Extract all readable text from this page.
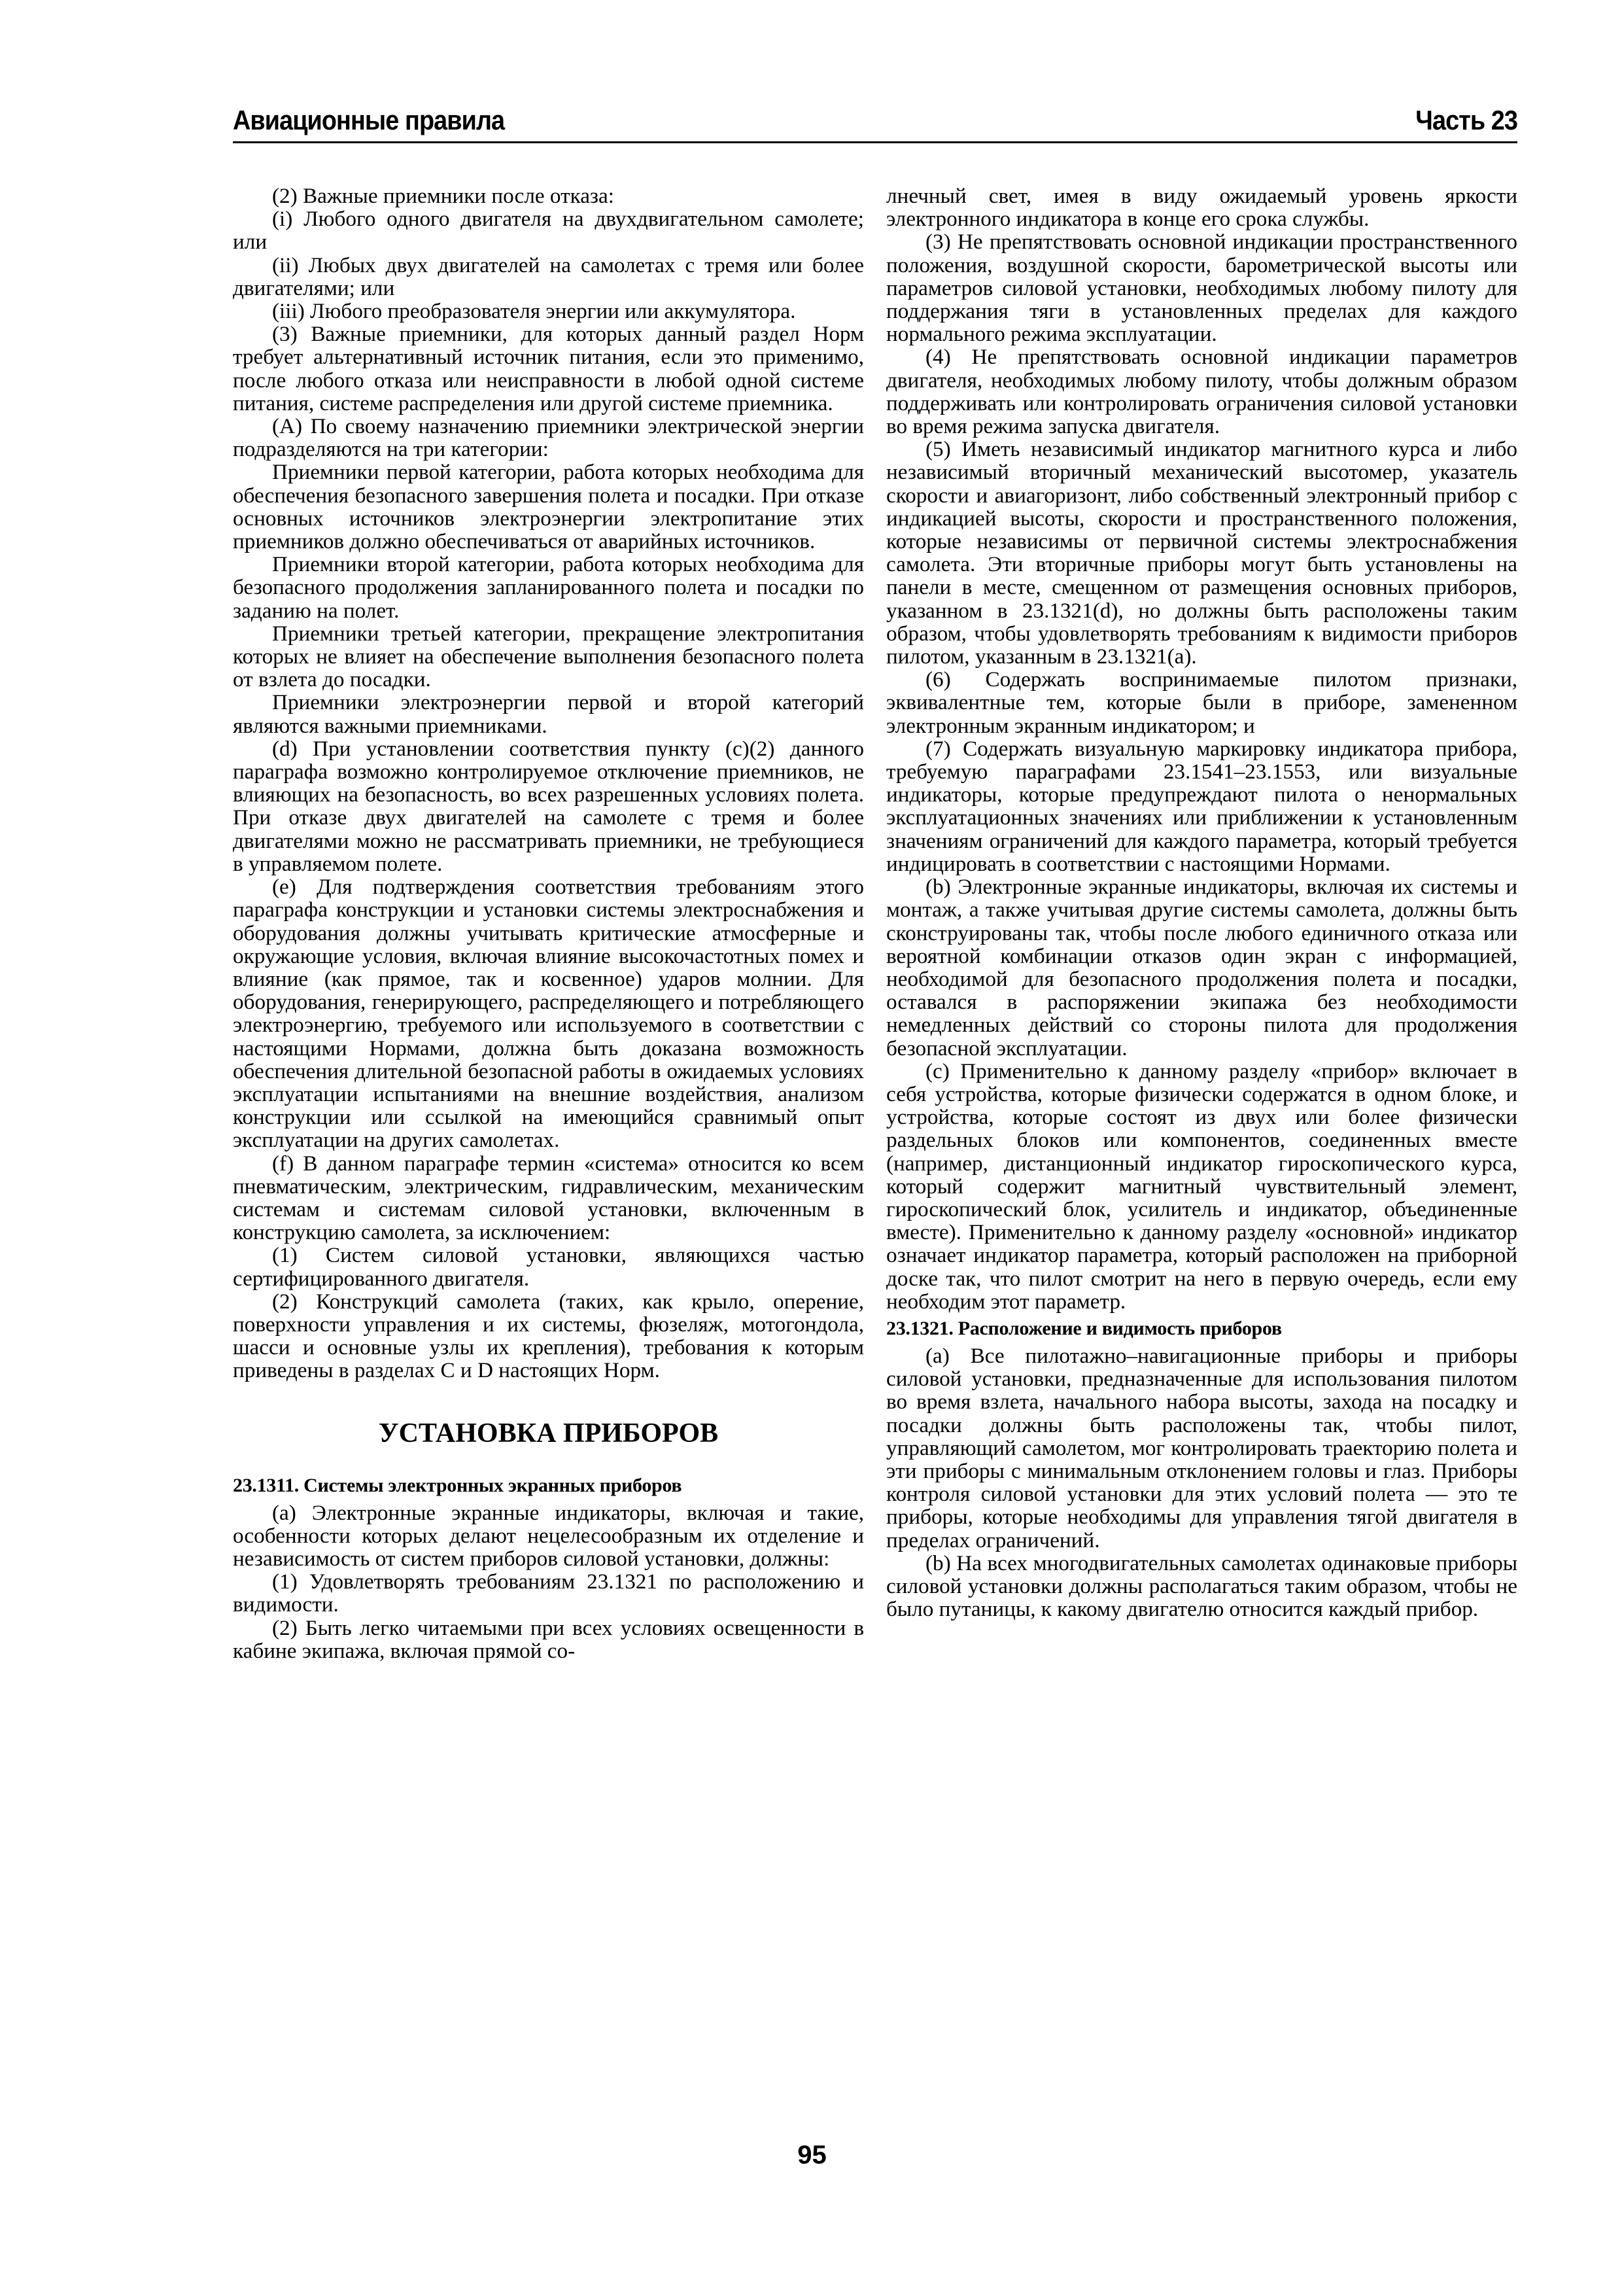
Авиационные правила	Часть 23

(2) Важные приемники после отказа:

(i) Любого одного двигателя на двухдвигательном самолете; или

(ii) Любых двух двигателей на самолетах с тремя или более двигателями; или

(iii) Любого преобразователя энергии или аккумулятора.

(3) Важные приемники, для которых данный раздел Норм требует альтернативный источник питания, если это применимо, после любого отказа или неисправности в любой одной системе питания, системе распределения или другой системе приемника.

(A) По своему назначению приемники электрической энергии подразделяются на три категории:

Приемники первой категории, работа которых необходима для обеспечения безопасного завершения полета и посадки. При отказе основных источников электроэнергии электропитание этих приемников должно обеспечиваться от аварийных источников.

Приемники второй категории, работа которых необходима для безопасного продолжения запланированного полета и посадки по заданию на полет.

Приемники третьей категории, прекращение электропитания которых не влияет на обеспечение выполнения безопасного полета от взлета до посадки.

Приемники электроэнергии первой и второй категорий являются важными приемниками.

(d) При установлении соответствия пункту (c)(2) данного параграфа возможно контролируемое отключение приемников, не влияющих на безопасность, во всех разрешенных условиях полета. При отказе двух двигателей на самолете с тремя и более двигателями можно не рассматривать приемники, не требующиеся в управляемом полете.

(e) Для подтверждения соответствия требованиям этого параграфа конструкции и установки системы электроснабжения и оборудования должны учитывать критические атмосферные и окружающие условия, включая влияние высокочастотных помех и влияние (как прямое, так и косвенное) ударов молнии. Для оборудования, генерирующего, распределяющего и потребляющего электроэнергию, требуемого или используемого в соответствии с настоящими Нормами, должна быть доказана возможность обеспечения длительной безопасной работы в ожидаемых условиях эксплуатации испытаниями на внешние воздействия, анализом конструкции или ссылкой на имеющийся сравнимый опыт эксплуатации на других самолетах.

(f) В данном параграфе термин «система» относится ко всем пневматическим, электрическим, гидравлическим, механическим системам и системам силовой установки, включенным в конструкцию самолета, за исключением:

(1) Систем силовой установки, являющихся частью сертифицированного двигателя.

(2) Конструкций самолета (таких, как крыло, оперение, поверхности управления и их системы, фюзеляж, мотогондола, шасси и основные узлы их крепления), требования к которым приведены в разделах C и D настоящих Норм.

УСТАНОВКА ПРИБОРОВ
23.1311. Системы электронных экранных приборов

(a) Электронные экранные индикаторы, включая и такие, особенности которых делают нецелесообразным их отделение и независимость от систем приборов силовой установки, должны:

(1) Удовлетворять требованиям 23.1321 по расположению и видимости.

(2) Быть легко читаемыми при всех условиях освещенности в кабине экипажа, включая прямой со-

лнечный свет, имея в виду ожидаемый уровень яркости электронного индикатора в конце его срока службы.

(3) Не препятствовать основной индикации пространственного положения, воздушной скорости, барометрической высоты или параметров силовой установки, необходимых любому пилоту для поддержания тяги в установленных пределах для каждого нормального режима эксплуатации.

(4) Не препятствовать основной индикации параметров двигателя, необходимых любому пилоту, чтобы должным образом поддерживать или контролировать ограничения силовой установки во время режима запуска двигателя.

(5) Иметь независимый индикатор магнитного курса и либо независимый вторичный механический высотомер, указатель скорости и авиагоризонт, либо собственный электронный прибор с индикацией высоты, скорости и пространственного положения, которые независимы от первичной системы электроснабжения самолета. Эти вторичные приборы могут быть установлены на панели в месте, смещенном от размещения основных приборов, указанном в 23.1321(d), но должны быть расположены таким образом, чтобы удовлетворять требованиям к видимости приборов пилотом, указанным в 23.1321(a).

(6) Содержать воспринимаемые пилотом признаки, эквивалентные тем, которые были в приборе, замененном электронным экранным индикатором; и

(7) Содержать визуальную маркировку индикатора прибора, требуемую параграфами 23.1541–23.1553, или визуальные индикаторы, которые предупреждают пилота о ненормальных эксплуатационных значениях или приближении к установленным значениям ограничений для каждого параметра, который требуется индицировать в соответствии с настоящими Нормами.

(b) Электронные экранные индикаторы, включая их системы и монтаж, а также учитывая другие системы самолета, должны быть сконструированы так, чтобы после любого единичного отказа или вероятной комбинации отказов один экран с информацией, необходимой для безопасного продолжения полета и посадки, оставался в распоряжении экипажа без необходимости немедленных действий со стороны пилота для продолжения безопасной эксплуатации.

(c) Применительно к данному разделу «прибор» включает в себя устройства, которые физически содержатся в одном блоке, и устройства, которые состоят из двух или более физически раздельных блоков или компонентов, соединенных вместе (например, дистанционный индикатор гироскопического курса, который содержит магнитный чувствительный элемент, гироскопический блок, усилитель и индикатор, объединенные вместе). Применительно к данному разделу «основной» индикатор означает индикатор параметра, который расположен на приборной доске так, что пилот смотрит на него в первую очередь, если ему необходим этот параметр.

23.1321. Расположение и видимость приборов

(a) Все пилотажно–навигационные приборы и приборы силовой установки, предназначенные для использования пилотом во время взлета, начального набора высоты, захода на посадку и посадки должны быть расположены так, чтобы пилот, управляющий самолетом, мог контролировать траекторию полета и эти приборы с минимальным отклонением головы и глаз. Приборы контроля силовой установки для этих условий полета — это те приборы, которые необходимы для управления тягой двигателя в пределах ограничений.

(b) На всех многодвигательных самолетах одинаковые приборы силовой установки должны располагаться таким образом, чтобы не было путаницы, к какому двигателю относится каждый прибор.

95
